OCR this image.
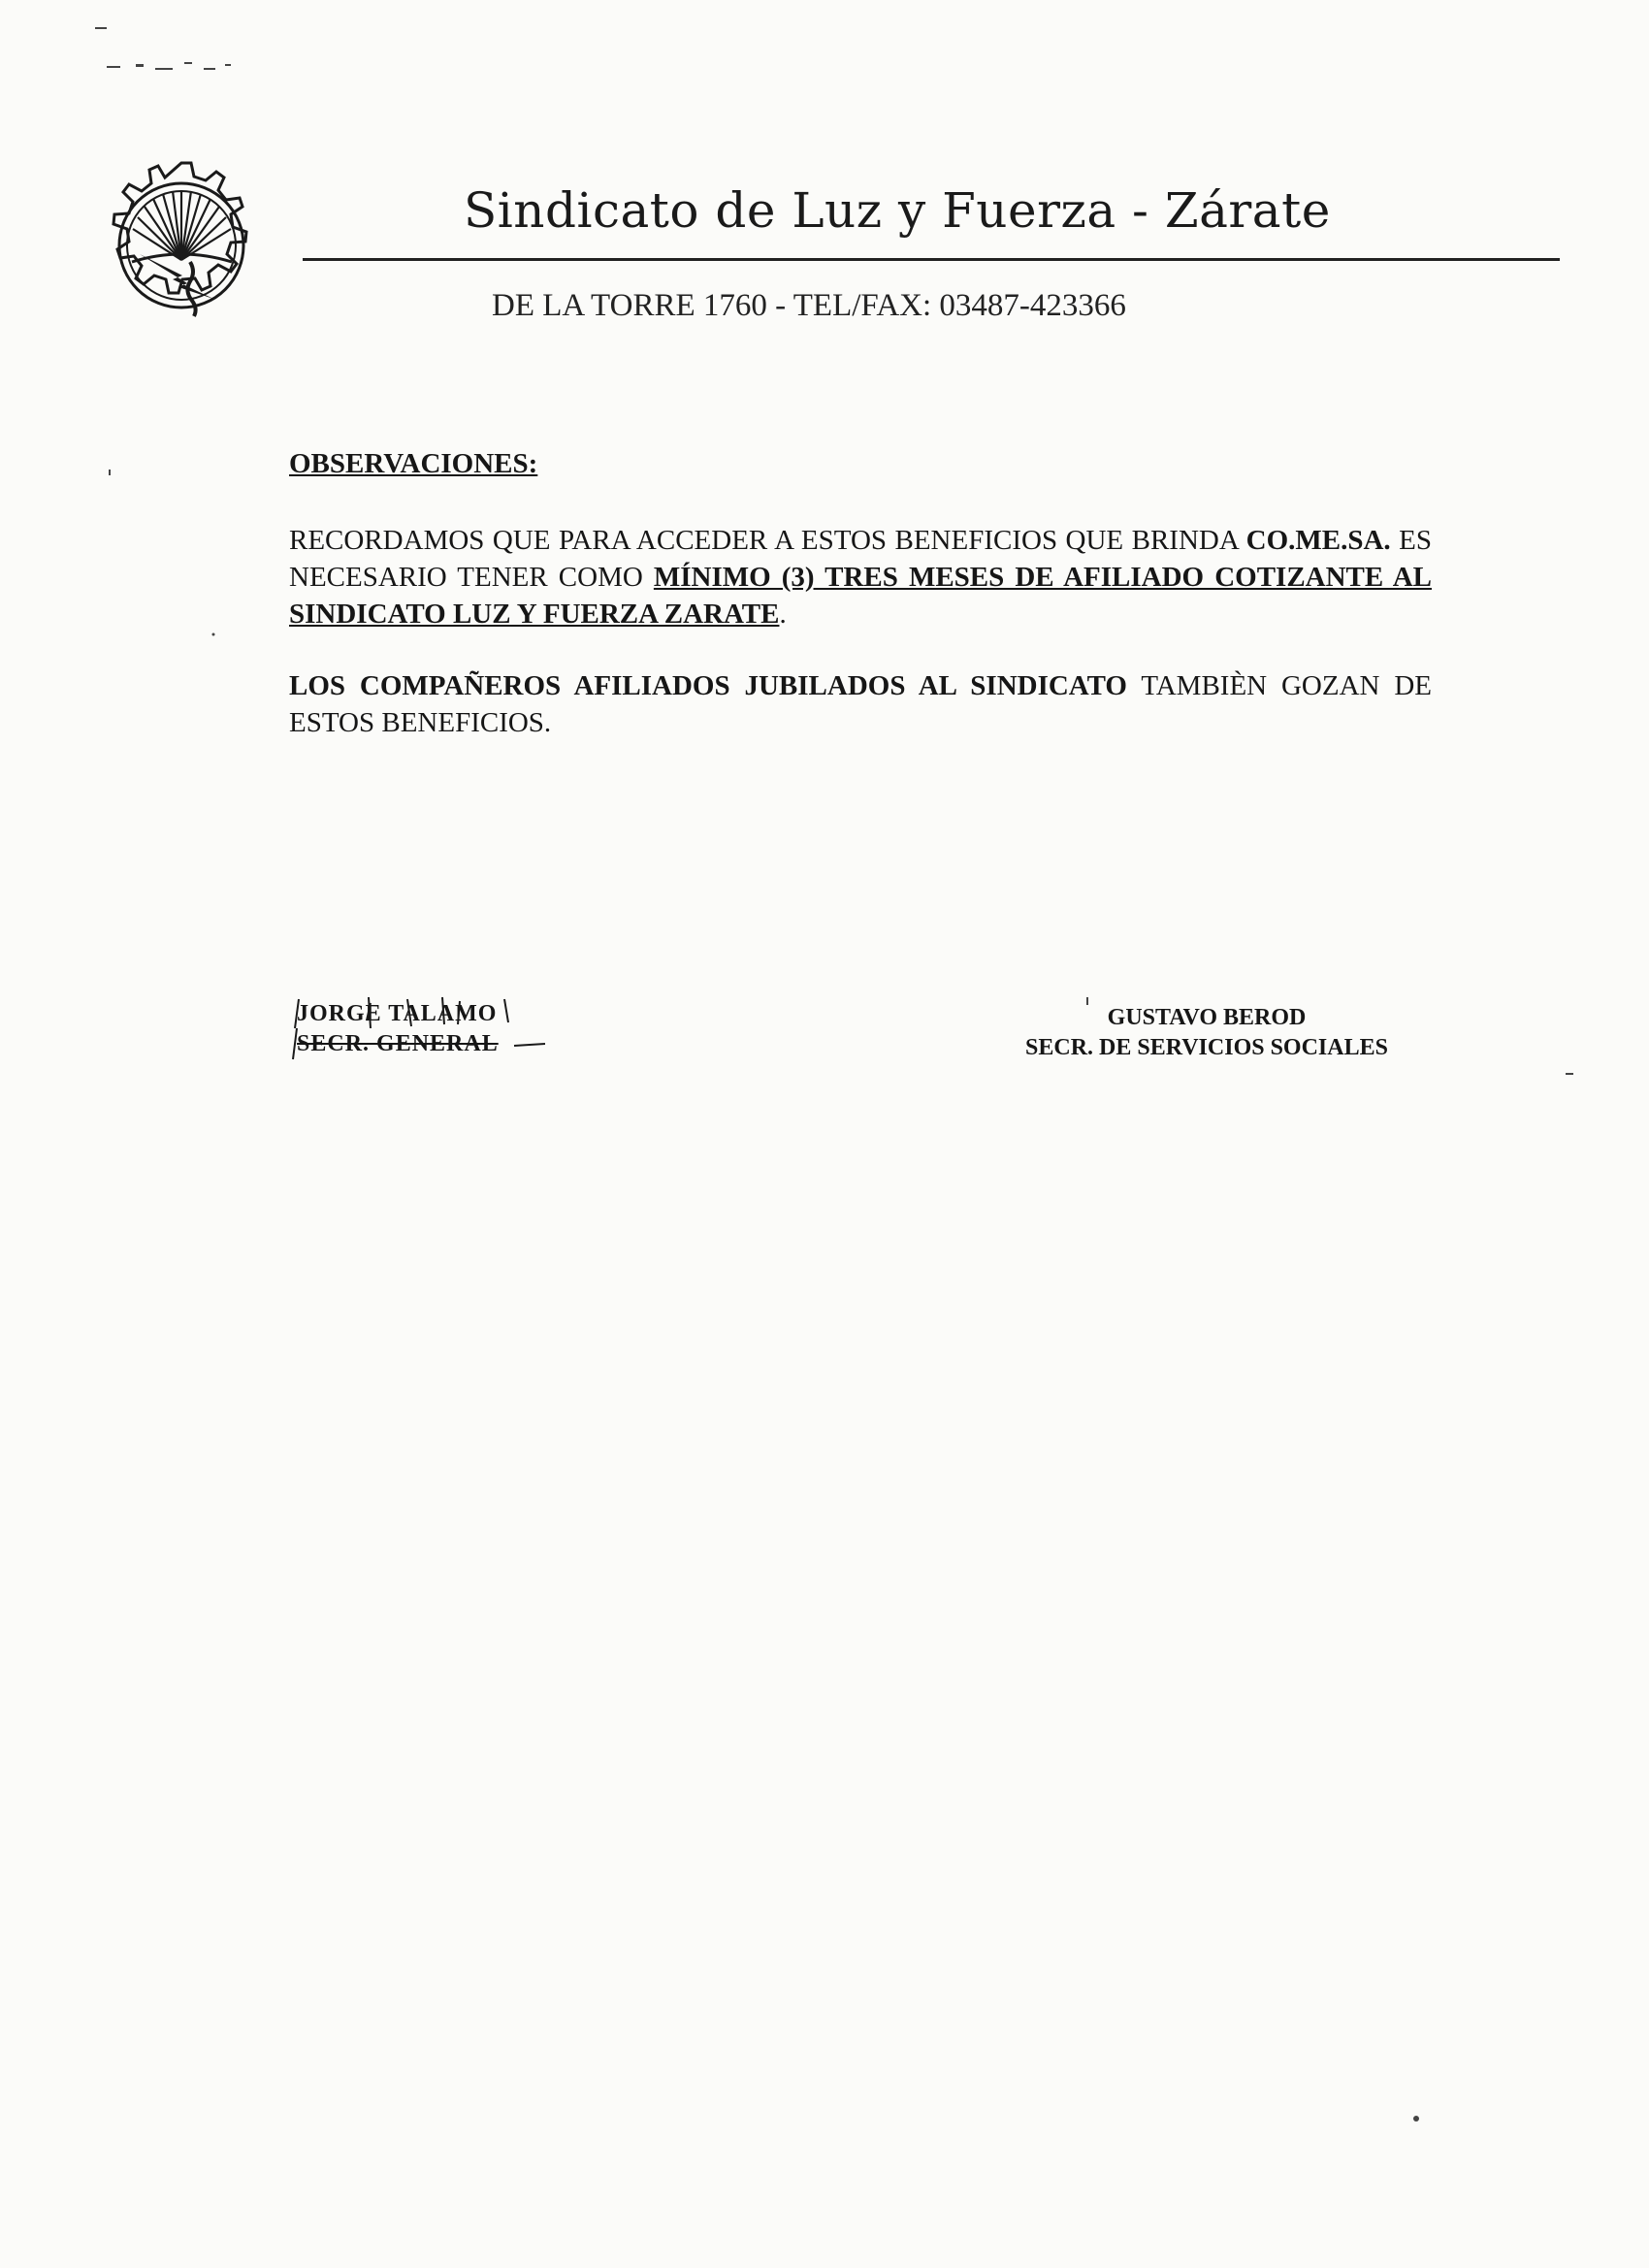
Sindicato de Luz y Fuerza - Zárate
DE LA TORRE 1760 - TEL/FAX: 03487-423366
OBSERVACIONES:
RECORDAMOS QUE PARA ACCEDER A ESTOS BENEFICIOS QUE BRINDA CO.ME.SA. ES NECESARIO TENER COMO MÍNIMO (3) TRES MESES DE AFILIADO COTIZANTE AL SINDICATO LUZ Y FUERZA ZARATE.
LOS COMPAÑEROS AFILIADOS JUBILADOS AL SINDICATO TAMBIÈN GOZAN DE ESTOS BENEFICIOS.
JORGE TALAMO
SECR. GENERAL
GUSTAVO BEROD
SECR. DE SERVICIOS SOCIALES
